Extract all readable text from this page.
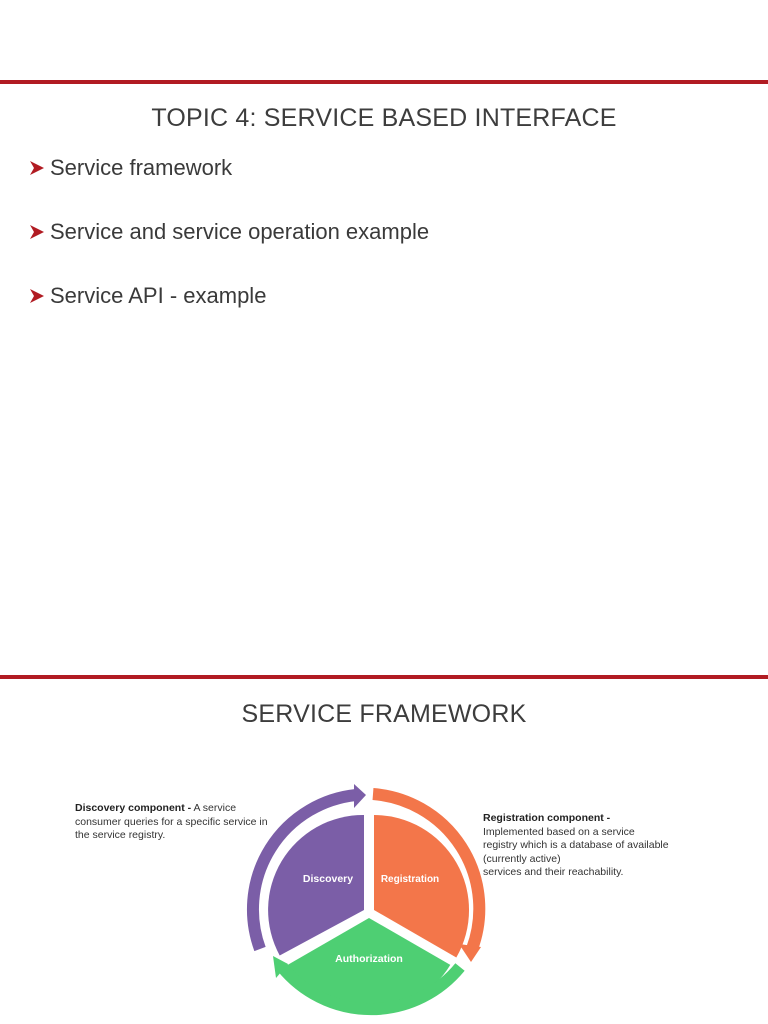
TOPIC 4: SERVICE BASED INTERFACE
Service framework
Service and service operation example
Service API - example
SERVICE FRAMEWORK
Discovery component - A service
consumer queries for a specific service in
the service registry.
Registration component -
Implemented based on a service
registry which is a database of available
(currently active)
services and their reachability.
Discovery	Registration
Authorization
